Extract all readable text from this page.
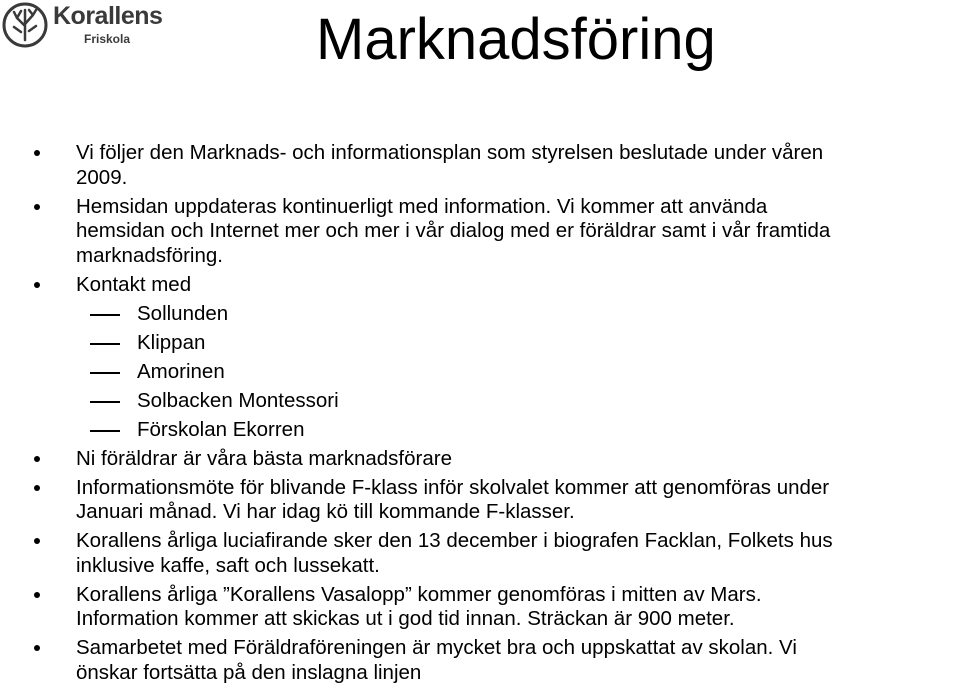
Korallens
Friskola	Marknadsföring
Vi följer den Marknads- och informationsplan som styrelsen beslutade under våren
2009.
Hemsidan uppdateras kontinuerligt med information. Vi kommer att använda
hemsidan och Internet mer och mer i vår dialog med er föräldrar samt i vår framtida
marknadsföring.
Kontakt med
Sollunden
Klippan
Amorinen
Solbacken Montessori
Förskolan Ekorren
Ni föräldrar är våra bästa marknadsförare
Informationsmöte för blivande F-klass inför skolvalet kommer att genomföras under
Januari månad. Vi har idag kö till kommande F-klasser.
Korallens årliga luciafirande sker den 13 december i biografen Facklan, Folkets hus
inklusive kaffe, saft och lussekatt.
Korallens årliga ”Korallens Vasalopp” kommer genomföras i mitten av Mars.
Information kommer att skickas ut i god tid innan. Sträckan är 900 meter.
Samarbetet med Föräldraföreningen är mycket bra och uppskattat av skolan. Vi
önskar fortsätta på den inslagna linjen
